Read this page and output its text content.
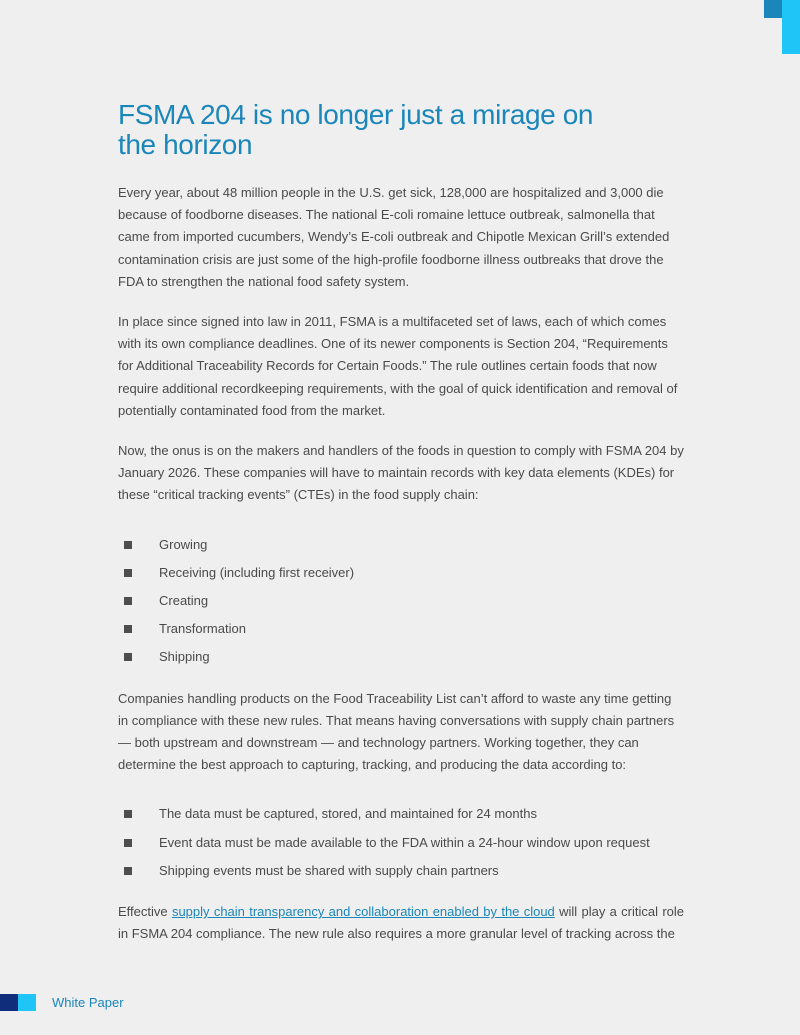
FSMA 204 is no longer just a mirage on the horizon

Every year, about 48 million people in the U.S. get sick, 128,000 are hospitalized and 3,000 die because of foodborne diseases. The national E-coli romaine lettuce outbreak, salmonella that came from imported cucumbers, Wendy’s E-coli outbreak and Chipotle Mexican Grill’s extended contamination crisis are just some of the high-profile foodborne illness outbreaks that drove the FDA to strengthen the national food safety system.

In place since signed into law in 2011, FSMA is a multifaceted set of laws, each of which comes with its own compliance deadlines. One of its newer components is Section 204, “Requirements for Additional Traceability Records for Certain Foods.” The rule outlines certain foods that now require additional recordkeeping requirements, with the goal of quick identification and removal of potentially contaminated food from the market.

Now, the onus is on the makers and handlers of the foods in question to comply with FSMA 204 by January 2026. These companies will have to maintain records with key data elements (KDEs) for these “critical tracking events” (CTEs) in the food supply chain:

Growing
Receiving (including first receiver)
Creating
Transformation
Shipping

Companies handling products on the Food Traceability List can’t afford to waste any time getting in compliance with these new rules. That means having conversations with supply chain partners — both upstream and downstream — and technology partners. Working together, they can determine the best approach to capturing, tracking, and producing the data according to:

The data must be captured, stored, and maintained for 24 months
Event data must be made available to the FDA within a 24-hour window upon request
Shipping events must be shared with supply chain partners

Effective supply chain transparency and collaboration enabled by the cloud will play a critical role in FSMA 204 compliance. The new rule also requires a more granular level of tracking across the

White Paper
